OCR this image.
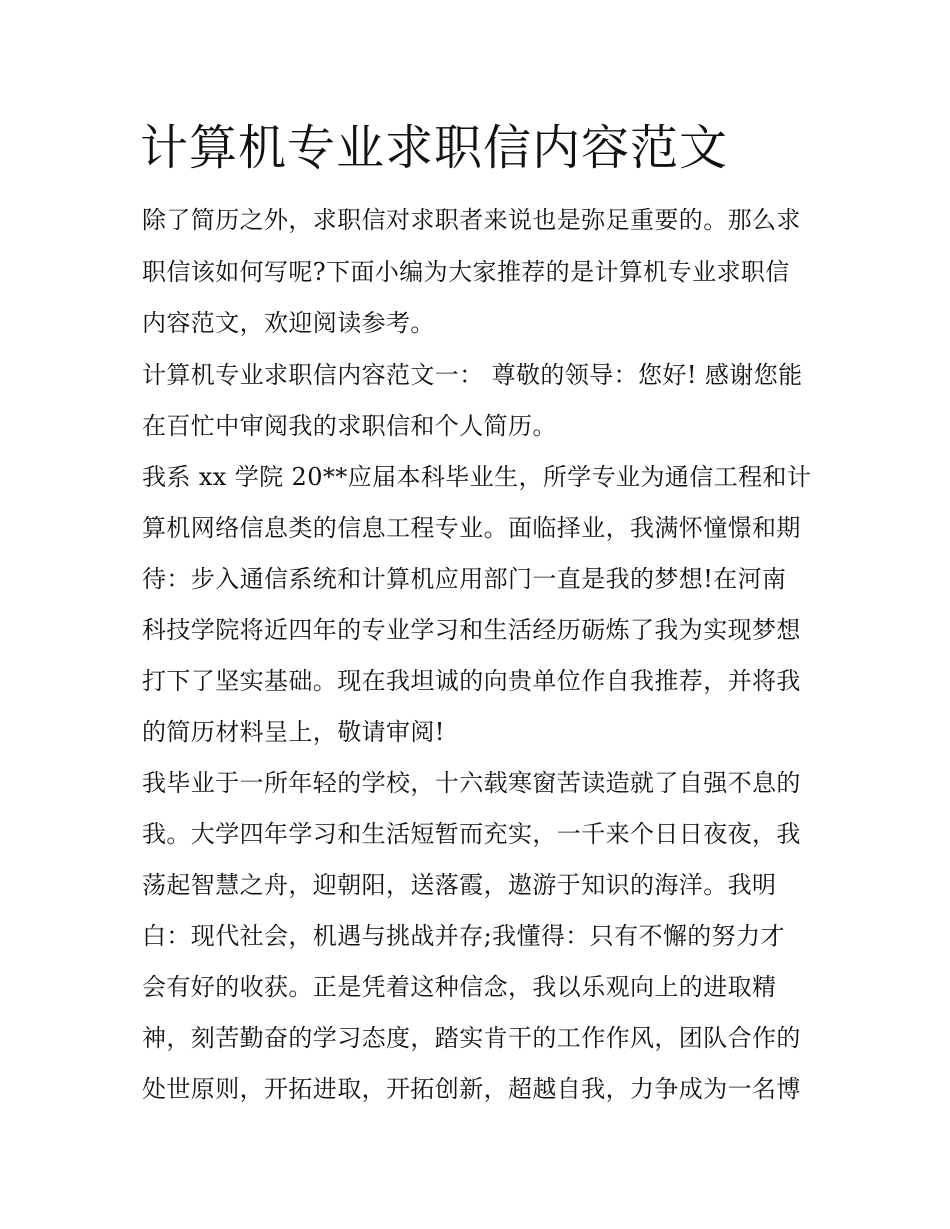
计算机专业求职信内容范文

除了简历之外，求职信对求职者来说也是弥足重要的。那么求

职信该如何写呢?下面小编为大家推荐的是计算机专业求职信

内容范文，欢迎阅读参考。

计算机专业求职信内容范文一： 尊敬的领导：您好! 感谢您能

在百忙中审阅我的求职信和个人简历。

我系 xx 学院 20**应届本科毕业生，所学专业为通信工程和计

算机网络信息类的信息工程专业。面临择业，我满怀憧憬和期

待：步入通信系统和计算机应用部门一直是我的梦想!在河南

科技学院将近四年的专业学习和生活经历砺炼了我为实现梦想

打下了坚实基础。现在我坦诚的向贵单位作自我推荐，并将我

的简历材料呈上，敬请审阅!

我毕业于一所年轻的学校，十六载寒窗苦读造就了自强不息的

我。大学四年学习和生活短暂而充实，一千来个日日夜夜，我

荡起智慧之舟，迎朝阳，送落霞，遨游于知识的海洋。我明

白：现代社会，机遇与挑战并存;我懂得：只有不懈的努力才

会有好的收获。正是凭着这种信念，我以乐观向上的进取精

神，刻苦勤奋的学习态度，踏实肯干的工作作风，团队合作的

处世原则，开拓进取，开拓创新，超越自我，力争成为一名博
